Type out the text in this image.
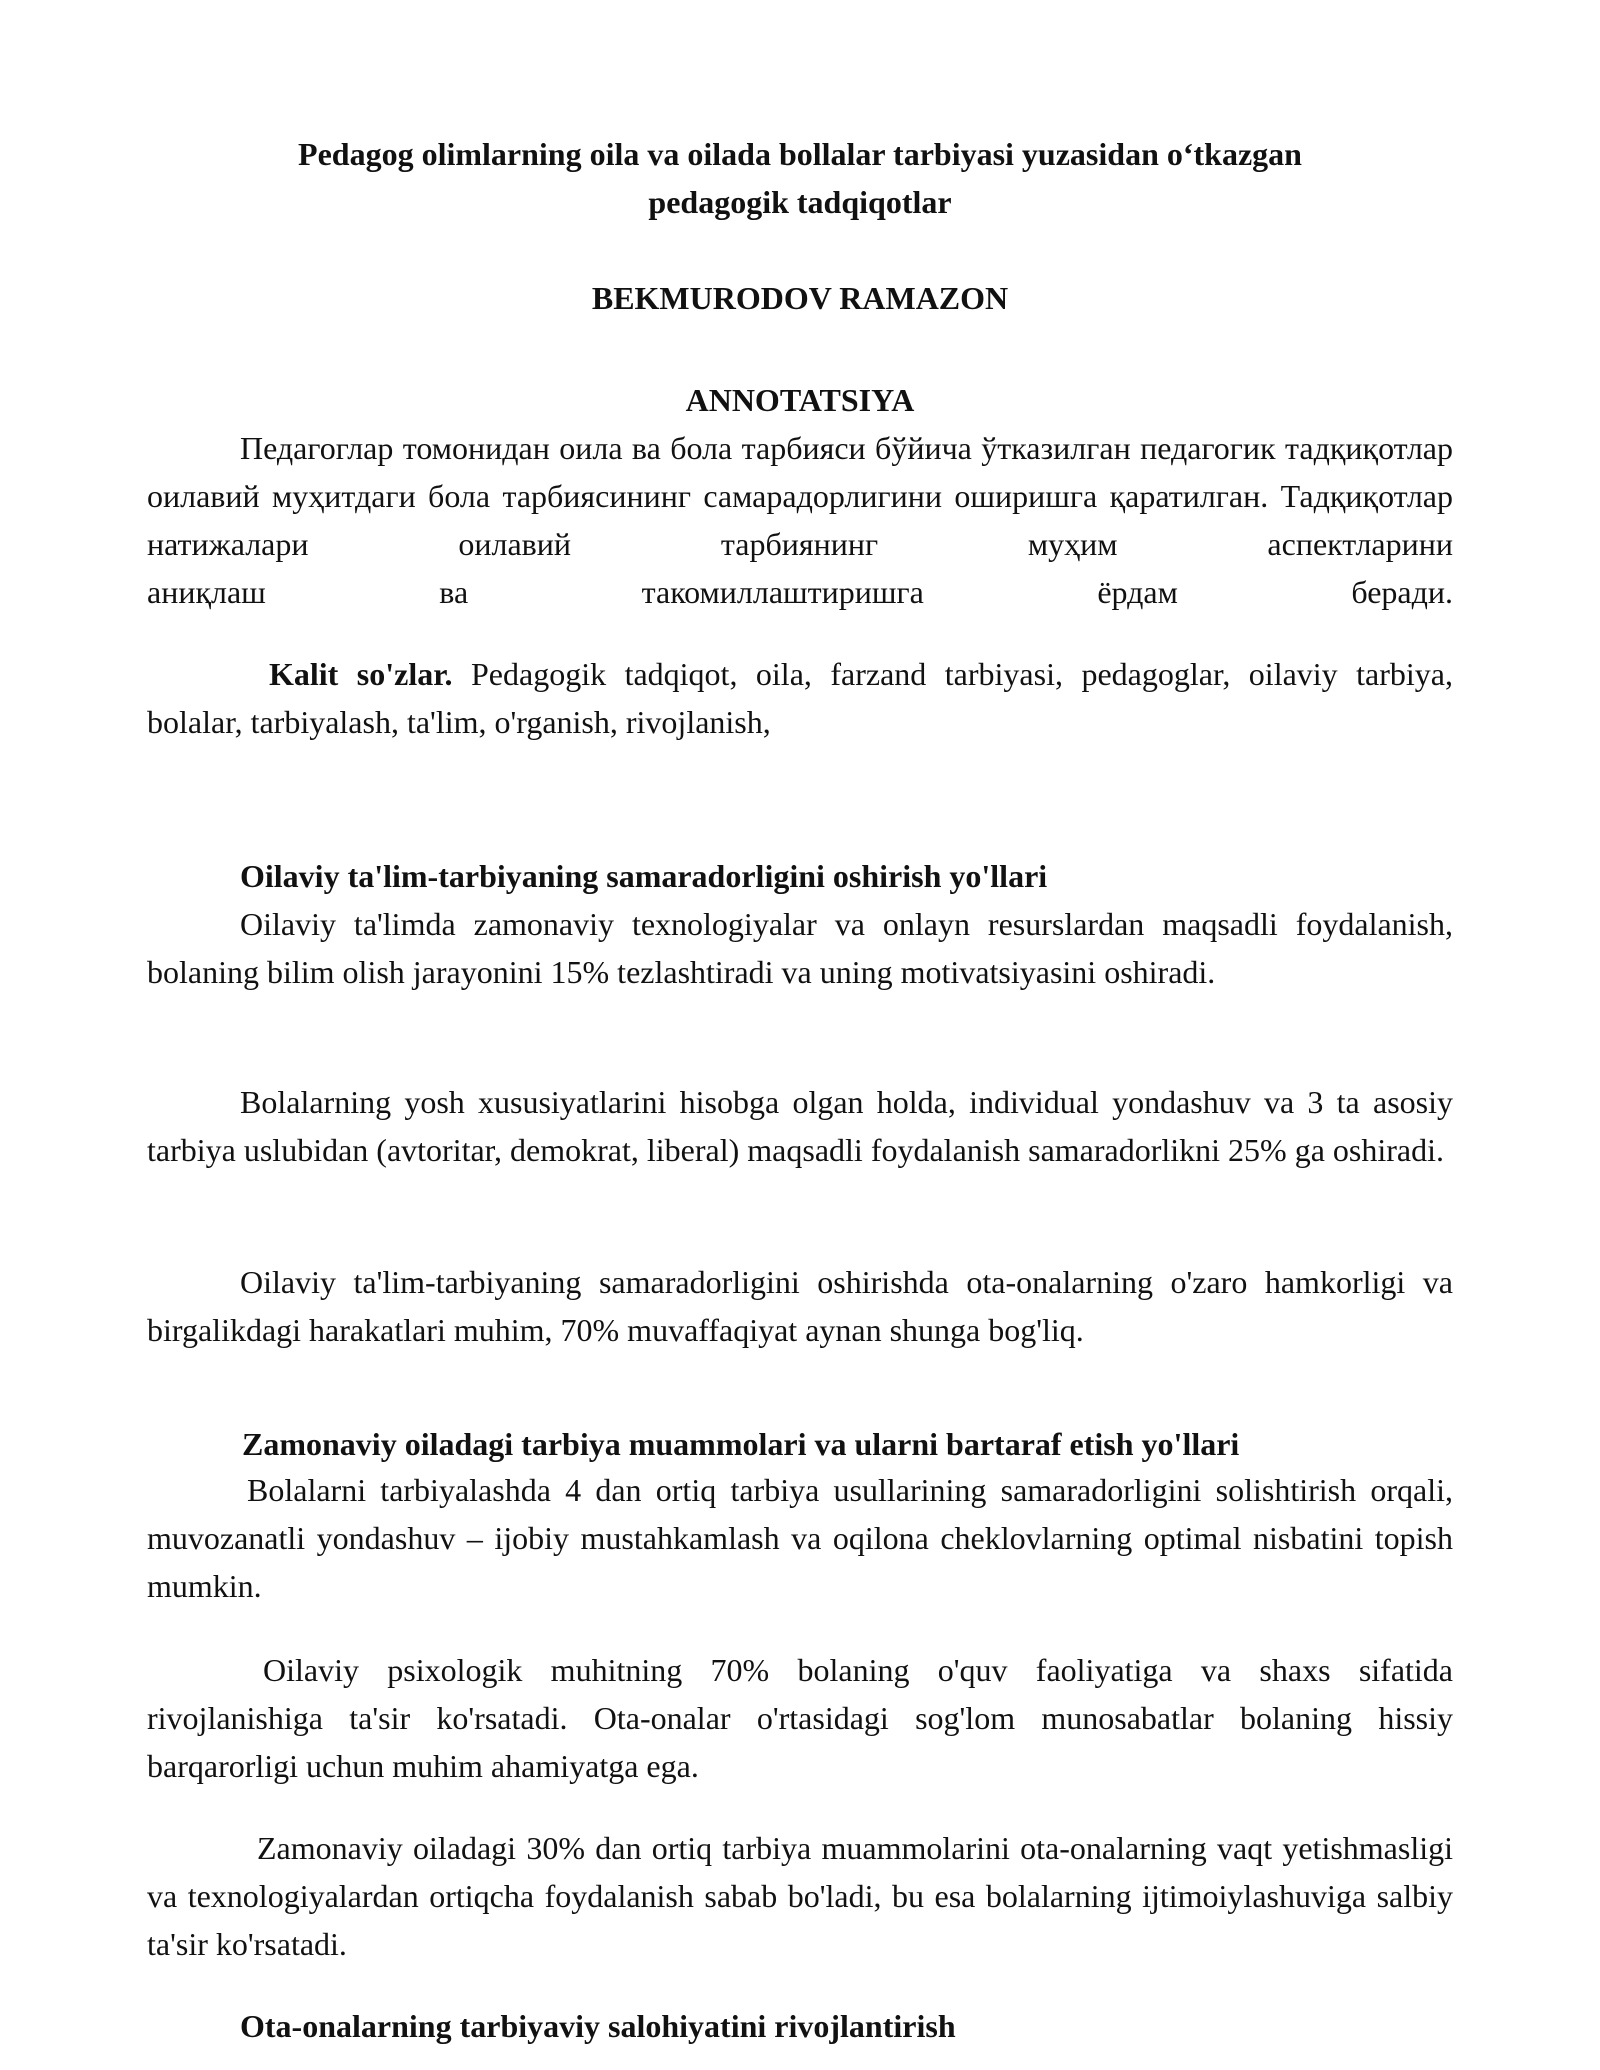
Pedagog olimlarning oila va oilada bollalar tarbiyasi yuzasidan o‘tkazgan
pedagogik tadqiqotlar
BEKMURODOV RAMAZON
ANNOTATSIYA
Педагоглар томонидан оила ва бола тарбияси бўйича ўтказилган педагогик тадқиқотлар оилавий муҳитдаги бола тарбиясининг самарадорлигини оширишга қаратилган. Тадқиқотлар натижалари оилавий тарбиянинг муҳим аспектларини
аниқлаш ва такомиллаштиришга ёрдам беради.
Kalit so'zlar. Pedagogik tadqiqot, oila, farzand tarbiyasi, pedagoglar, oilaviy tarbiya, bolalar, tarbiyalash, ta'lim, o'rganish, rivojlanish,
Oilaviy ta'lim-tarbiyaning samaradorligini oshirish yo'llari
Oilaviy ta'limda zamonaviy texnologiyalar va onlayn resurslardan maqsadli foydalanish, bolaning bilim olish jarayonini 15% tezlashtiradi va uning motivatsiyasini oshiradi.
Bolalarning yosh xususiyatlarini hisobga olgan holda, individual yondashuv va 3 ta asosiy tarbiya uslubidan (avtoritar, demokrat, liberal) maqsadli foydalanish samaradorlikni 25% ga oshiradi.
Oilaviy ta'lim-tarbiyaning samaradorligini oshirishda ota-onalarning o'zaro hamkorligi va birgalikdagi harakatlari muhim, 70% muvaffaqiyat aynan shunga bog'liq.
Zamonaviy oiladagi tarbiya muammolari va ularni bartaraf etish yo'llari
Bolalarni tarbiyalashda 4 dan ortiq tarbiya usullarining samaradorligini solishtirish orqali, muvozanatli yondashuv – ijobiy mustahkamlash va oqilona cheklovlarning optimal nisbatini topish mumkin.
Oilaviy psixologik muhitning 70% bolaning o'quv faoliyatiga va shaxs sifatida rivojlanishiga ta'sir ko'rsatadi. Ota-onalar o'rtasidagi sog'lom munosabatlar bolaning hissiy barqarorligi uchun muhim ahamiyatga ega.
Zamonaviy oiladagi 30% dan ortiq tarbiya muammolarini ota-onalarning vaqt yetishmasligi va texnologiyalardan ortiqcha foydalanish sabab bo'ladi, bu esa bolalarning ijtimoiylashuviga salbiy ta'sir ko'rsatadi.
Ota-onalarning tarbiyaviy salohiyatini rivojlantirish
